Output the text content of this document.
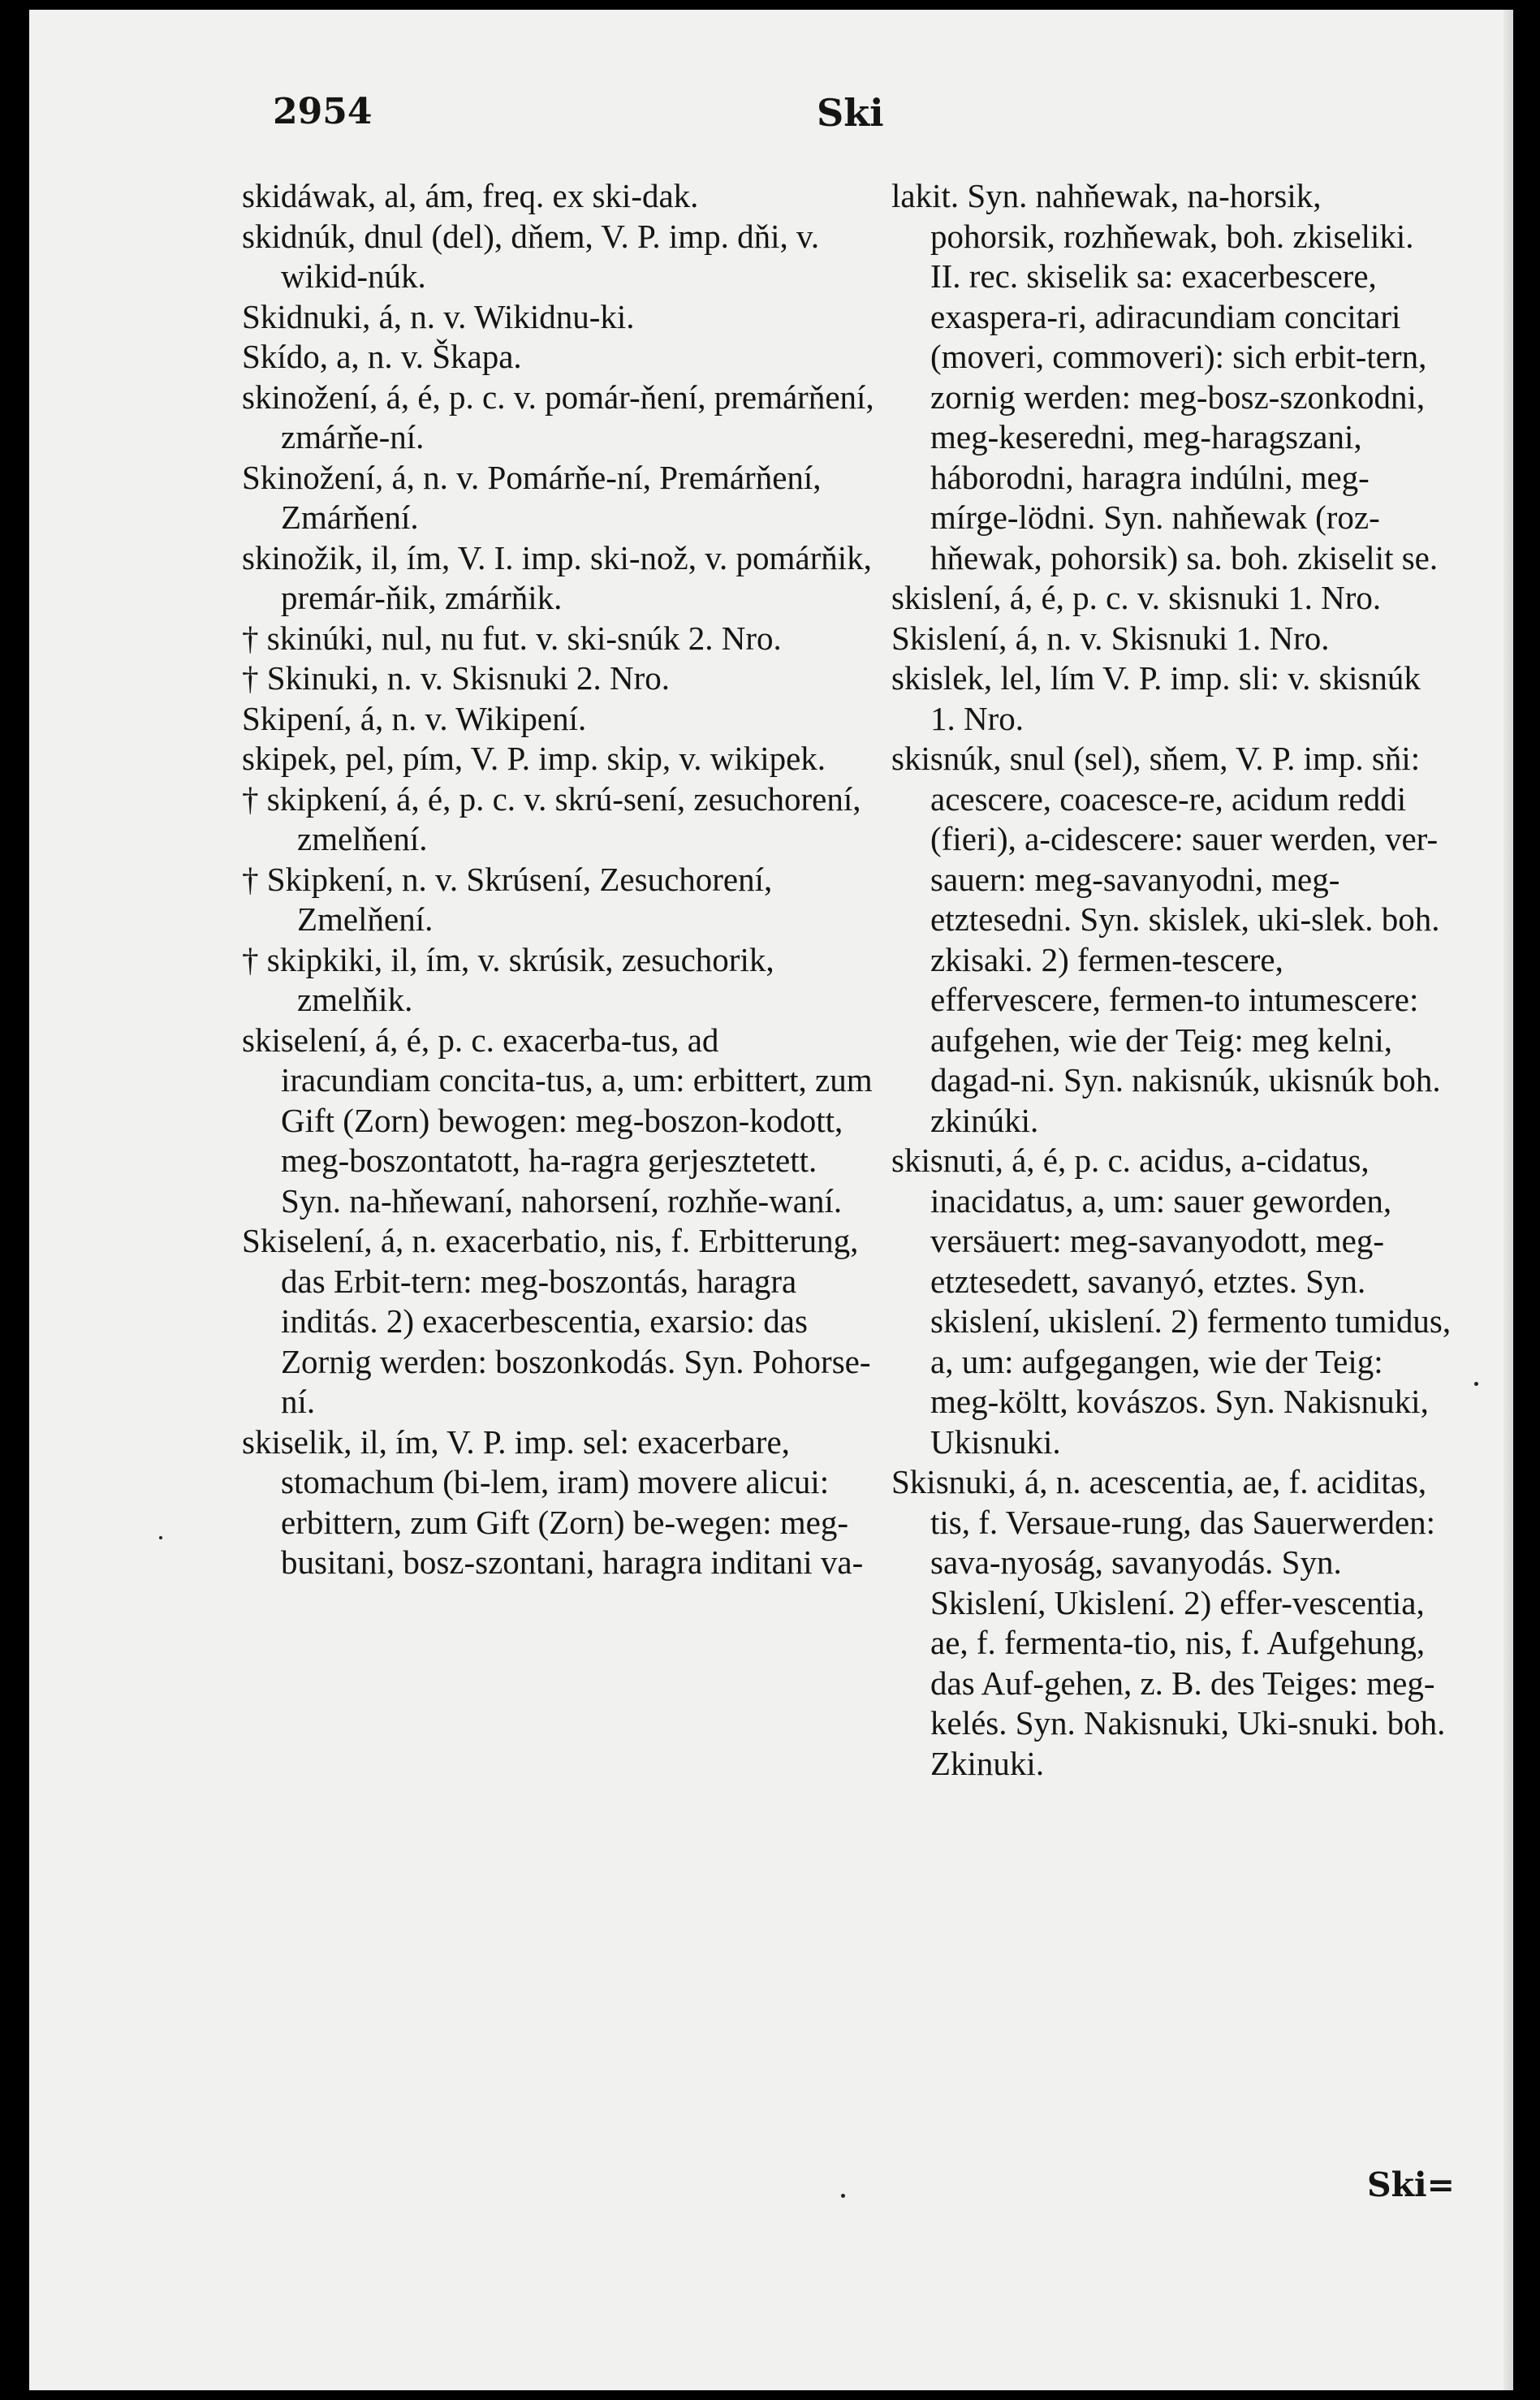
2954	Ski

skidáwak, al, ám, freq. ex ski-dak.

skidnúk, dnul (del), dňem, V. P. imp. dňi, v. wikid-núk.

Skidnuki, á, n. v. Wikidnu-ki.

Skído, a, n. v. Škapa.

skinožení, á, é, p. c. v. pomár-ňení, premárňení, zmárňe-ní.

Skinožení, á, n. v. Pomárňe-ní, Premárňení, Zmárňení.

skinožik, il, ím, V. I. imp. ski-nož, v. pomárňik, premár-ňik, zmárňik.

† skinúki, nul, nu fut. v. ski-snúk 2. Nro.

† Skinuki, n. v. Skisnuki 2. Nro.

Skipení, á, n. v. Wikipení.

skipek, pel, pím, V. P. imp. skip, v. wikipek.

† skipkení, á, é, p. c. v. skrú-sení, zesuchorení, zmelňení.

† Skipkení, n. v. Skrúsení, Zesuchorení, Zmelňení.

† skipkiki, il, ím, v. skrúsik, zesuchorik, zmelňik.

skiselení, á, é, p. c. exacerba-tus, ad iracundiam concita-tus, a, um: erbittert, zum Gift (Zorn) bewogen: meg-boszon-kodott, meg-boszontatott, ha-ragra gerjesztetett. Syn. na-hňewaní, nahorsení, rozhňe-waní.

Skiselení, á, n. exacerbatio, nis, f. Erbitterung, das Erbit-tern: meg-boszontás, haragra inditás. 2) exacerbescentia, exarsio: das Zornig werden: boszonkodás. Syn. Pohorse-ní.

skiselik, il, ím, V. P. imp. sel: exacerbare, stomachum (bi-lem, iram) movere alicui: erbittern, zum Gift (Zorn) be-wegen: meg-busitani, bosz-szontani, haragra inditani va-

lakit. Syn. nahňewak, na-horsik, pohorsik, rozhňewak, boh. zkiseliki. II. rec. skiselik sa: exacerbescere, exaspera-ri, adiracundiam concitari (moveri, commoveri): sich erbit-tern, zornig werden: meg-bosz-szonkodni, meg-keseredni, meg-haragszani, háborodni, haragra indúlni, meg-mírge-lödni. Syn. nahňewak (roz-hňewak, pohorsik) sa. boh. zkiselit se.

skislení, á, é, p. c. v. skisnuki 1. Nro.

Skislení, á, n. v. Skisnuki 1. Nro.

skislek, lel, lím V. P. imp. sli: v. skisnúk 1. Nro.

skisnúk, snul (sel), sňem, V. P. imp. sňi: acescere, coacesce-re, acidum reddi (fieri), a-cidescere: sauer werden, ver-sauern: meg-savanyodni, meg-etztesedni. Syn. skislek, uki-slek. boh. zkisaki. 2) fermen-tescere, effervescere, fermen-to intumescere: aufgehen, wie der Teig: meg kelni, dagad-ni. Syn. nakisnúk, ukisnúk boh. zkinúki.

skisnuti, á, é, p. c. acidus, a-cidatus, inacidatus, a, um: sauer geworden, versäuert: meg-savanyodott, meg-etztesedett, savanyó, etztes. Syn. skislení, ukislení. 2) fermento tumidus, a, um: aufgegangen, wie der Teig: meg-költt, kovászos. Syn. Nakisnuki, Ukisnuki.

Skisnuki, á, n. acescentia, ae, f. aciditas, tis, f. Versaue-rung, das Sauerwerden: sava-nyoság, savanyodás. Syn. Skislení, Ukislení. 2) effer-vescentia, ae, f. fermenta-tio, nis, f. Aufgehung, das Auf-gehen, z. B. des Teiges: meg-kelés. Syn. Nakisnuki, Uki-snuki. boh. Zkinuki.

Ski=
